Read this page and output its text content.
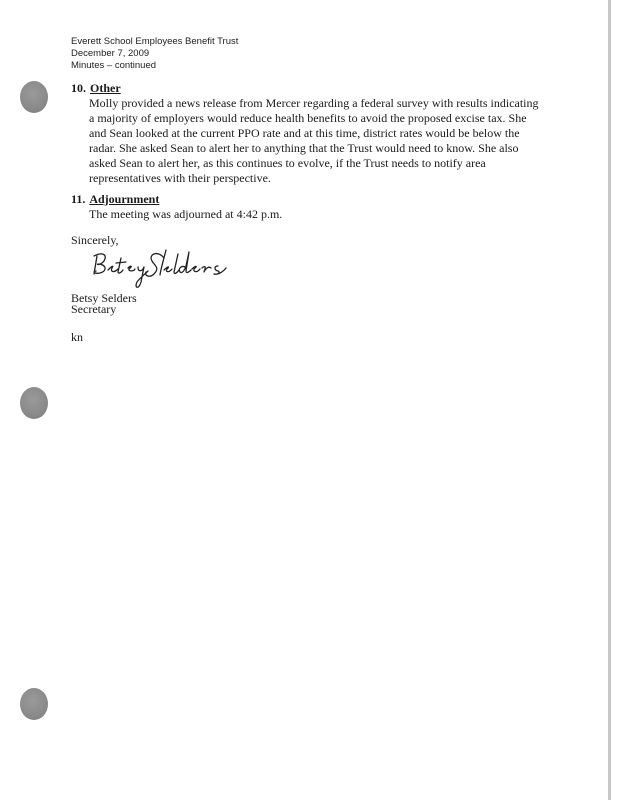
Everett School Employees Benefit Trust
December 7, 2009
Minutes – continued
10. Other
Molly provided a news release from Mercer regarding a federal survey with results indicating a majority of employers would reduce health benefits to avoid the proposed excise tax. She and Sean looked at the current PPO rate and at this time, district rates would be below the radar. She asked Sean to alert her to anything that the Trust would need to know. She also asked Sean to alert her, as this continues to evolve, if the Trust needs to notify area representatives with their perspective.
11. Adjournment
The meeting was adjourned at 4:42 p.m.
Sincerely,
Betsy Selders
Secretary
kn
